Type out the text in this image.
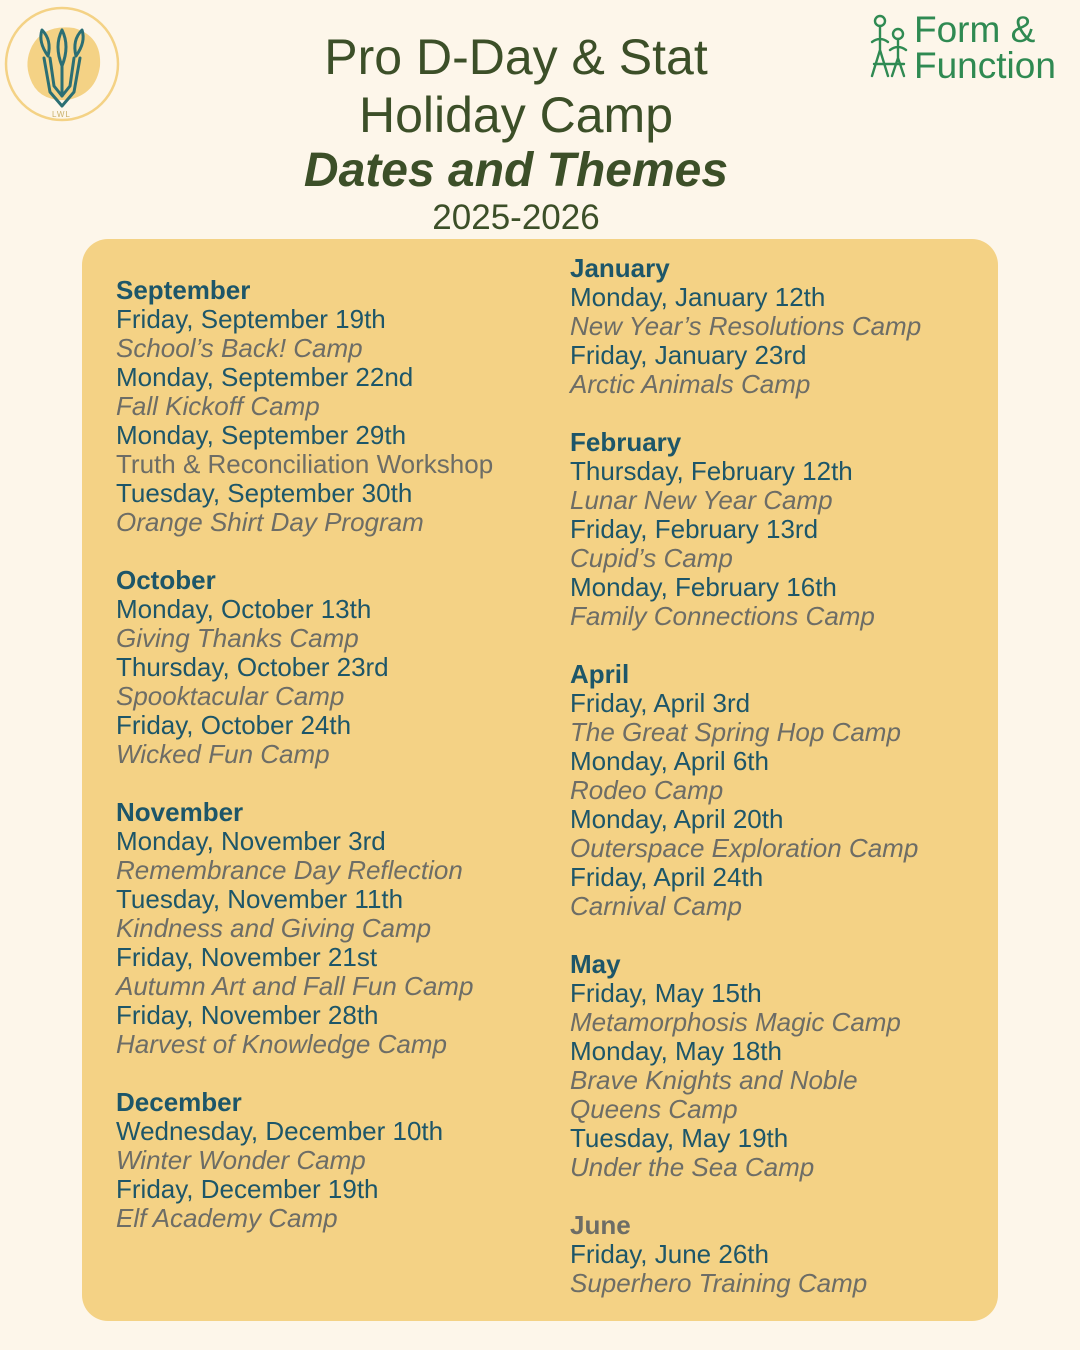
LWL
Form &
Function
Pro D-Day & Stat
Holiday Camp
Dates and Themes
2025-2026
September
Friday, September 19th
School’s Back! Camp
Monday, September 22nd
Fall Kickoff Camp
Monday, September 29th
Truth & Reconciliation Workshop
Tuesday, September 30th
Orange Shirt Day Program
October
Monday, October 13th
Giving Thanks Camp
Thursday, October 23rd
Spooktacular Camp
Friday, October 24th
Wicked Fun Camp
November
Monday, November 3rd
Remembrance Day Reflection
Tuesday, November 11th
Kindness and Giving Camp
Friday, November 21st
Autumn Art and Fall Fun Camp
Friday, November 28th
Harvest of Knowledge Camp
December
Wednesday, December 10th
Winter Wonder Camp
Friday, December 19th
Elf Academy Camp
January
Monday, January 12th
New Year’s Resolutions Camp
Friday, January 23rd
Arctic Animals Camp
February
Thursday, February 12th
Lunar New Year Camp
Friday, February 13rd
Cupid’s Camp
Monday, February 16th
Family Connections Camp
April
Friday, April 3rd
The Great Spring Hop Camp
Monday, April 6th
Rodeo Camp
Monday, April 20th
Outerspace Exploration Camp
Friday, April 24th
Carnival Camp
May
Friday, May 15th
Metamorphosis Magic Camp
Monday, May 18th
Brave Knights and Noble Queens Camp
Tuesday, May 19th
Under the Sea Camp
June
Friday, June 26th
Superhero Training Camp
